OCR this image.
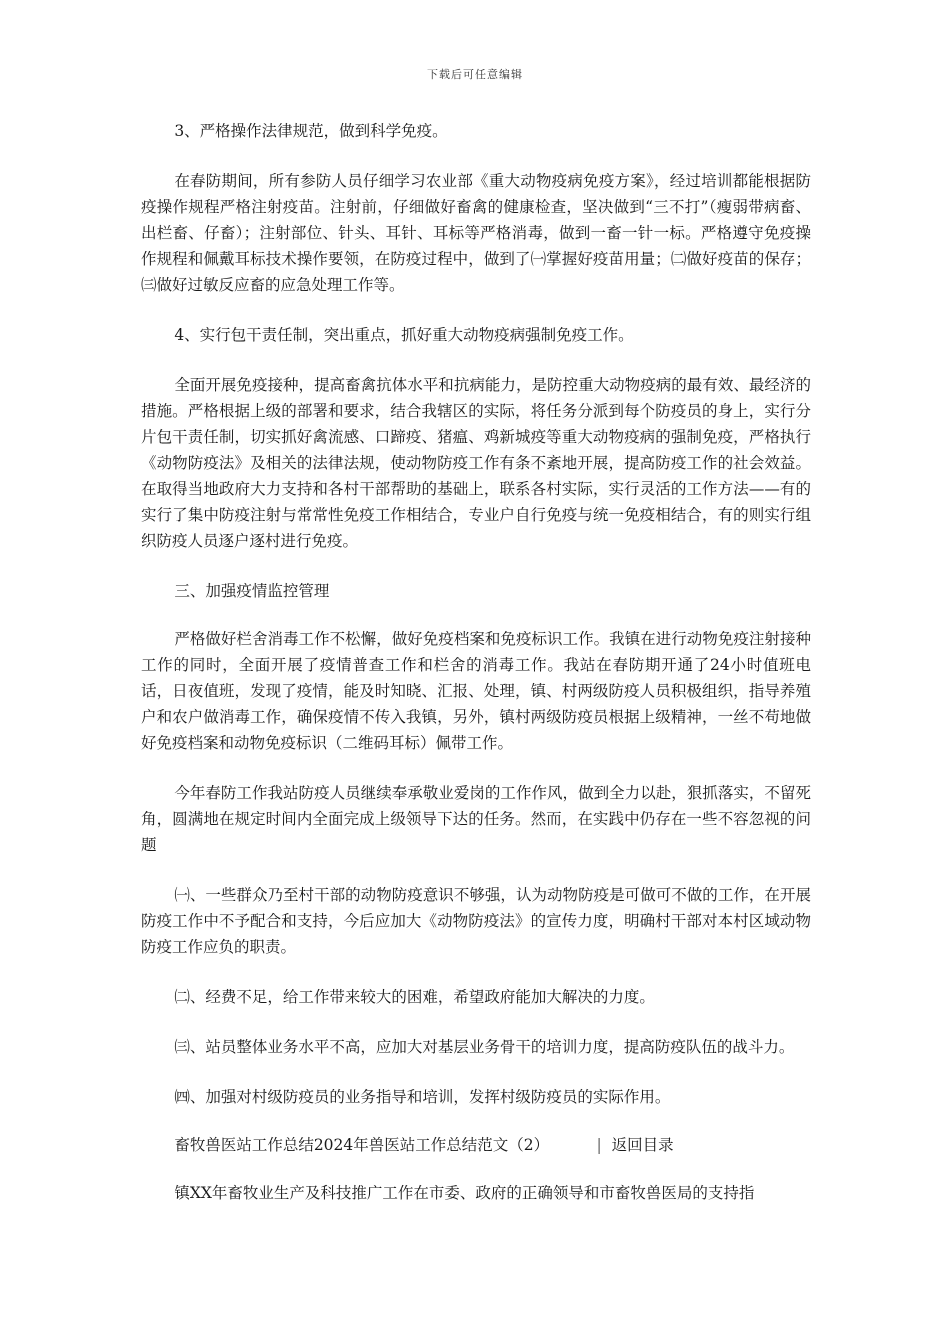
下载后可任意编辑

3、严格操作法律规范，做到科学免疫。

在春防期间，所有参防人员仔细学习农业部《重大动物疫病免疫方案》，经过培训都能根据防疫操作规程严格注射疫苗。注射前，仔细做好畜禽的健康检查，坚决做到“三不打”（瘦弱带病畜、出栏畜、仔畜）；注射部位、针头、耳针、耳标等严格消毒，做到一畜一针一标。严格遵守免疫操作规程和佩戴耳标技术操作要领，在防疫过程中，做到了㈠掌握好疫苗用量；㈡做好疫苗的保存；㈢做好过敏反应畜的应急处理工作等。

4、实行包干责任制，突出重点，抓好重大动物疫病强制免疫工作。

全面开展免疫接种，提高畜禽抗体水平和抗病能力，是防控重大动物疫病的最有效、最经济的措施。严格根据上级的部署和要求，结合我辖区的实际，将任务分派到每个防疫员的身上，实行分片包干责任制，切实抓好禽流感、口蹄疫、猪瘟、鸡新城疫等重大动物疫病的强制免疫，严格执行《动物防疫法》及相关的法律法规，使动物防疫工作有条不紊地开展，提高防疫工作的社会效益。在取得当地政府大力支持和各村干部帮助的基础上，联系各村实际，实行灵活的工作方法——有的实行了集中防疫注射与常常性免疫工作相结合，专业户自行免疫与统一免疫相结合，有的则实行组织防疫人员逐户逐村进行免疫。

三、加强疫情监控管理

严格做好栏舍消毒工作不松懈，做好免疫档案和免疫标识工作。我镇在进行动物免疫注射接种工作的同时，全面开展了疫情普查工作和栏舍的消毒工作。我站在春防期开通了24小时值班电话，日夜值班，发现了疫情，能及时知晓、汇报、处理，镇、村两级防疫人员积极组织，指导养殖户和农户做消毒工作，确保疫情不传入我镇，另外，镇村两级防疫员根据上级精神，一丝不苟地做好免疫档案和动物免疫标识（二维码耳标）佩带工作。

今年春防工作我站防疫人员继续奉承敬业爱岗的工作作风，做到全力以赴，狠抓落实，不留死角，圆满地在规定时间内全面完成上级领导下达的任务。然而，在实践中仍存在一些不容忽视的问题

㈠、一些群众乃至村干部的动物防疫意识不够强，认为动物防疫是可做可不做的工作，在开展防疫工作中不予配合和支持，今后应加大《动物防疫法》的宣传力度，明确村干部对本村区域动物防疫工作应负的职责。

㈡、经费不足，给工作带来较大的困难，希望政府能加大解决的力度。

㈢、站员整体业务水平不高，应加大对基层业务骨干的培训力度，提高防疫队伍的战斗力。

㈣、加强对村级防疫员的业务指导和培训，发挥村级防疫员的实际作用。

畜牧兽医站工作总结2024年兽医站工作总结范文（2）	| 返回目录

镇XX年畜牧业生产及科技推广工作在市委、政府的正确领导和市畜牧兽医局的支持指
